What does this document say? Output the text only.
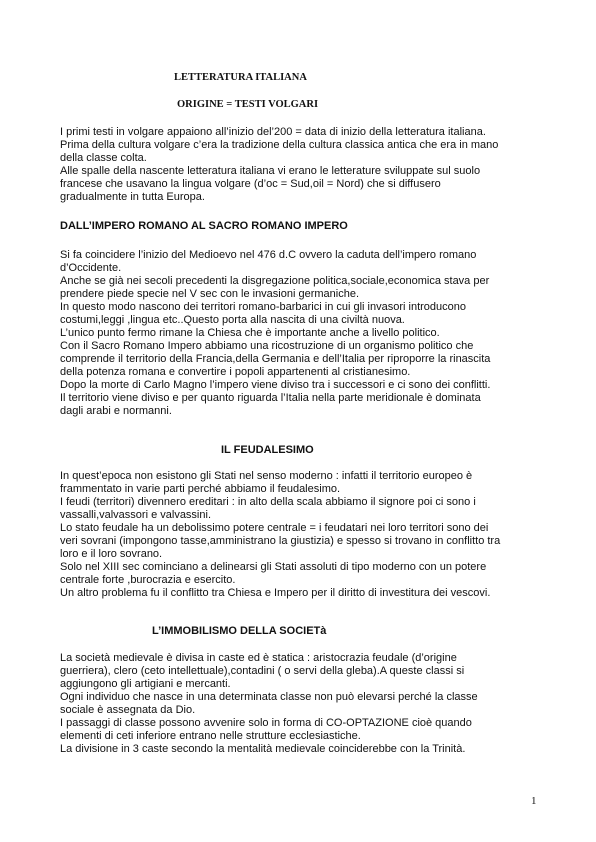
LETTERATURA ITALIANA
ORIGINE = TESTI VOLGARI
I primi testi in volgare appaiono all’inizio del’200 = data di inizio della letteratura italiana.
Prima della cultura volgare c’era la tradizione della cultura classica antica che era in mano
della classe colta.
Alle spalle della nascente letteratura italiana vi erano le letterature sviluppate sul suolo
francese che usavano la lingua volgare (d’oc = Sud,oil = Nord) che si diffusero
gradualmente in tutta Europa.
DALL’IMPERO ROMANO AL SACRO ROMANO IMPERO
Si fa coincidere l’inizio del Medioevo nel 476 d.C ovvero la caduta dell’impero romano
d’Occidente.
Anche se già nei secoli precedenti la disgregazione politica,sociale,economica stava per
prendere piede specie nel V sec con le invasioni germaniche.
In questo modo nascono dei territori romano-barbarici in cui gli invasori introducono
costumi,leggi ,lingua etc..Questo porta alla nascita di una civiltà nuova.
L’unico punto fermo rimane la Chiesa che è importante anche a livello politico.
Con il Sacro Romano Impero abbiamo una ricostruzione di un organismo politico che
comprende il territorio della Francia,della Germania e dell’Italia per riproporre la rinascita
della potenza romana e convertire i popoli appartenenti al cristianesimo.
Dopo la morte di Carlo Magno l’impero viene diviso tra i successori e ci sono dei conflitti.
Il territorio viene diviso e per quanto riguarda l’Italia nella parte meridionale è dominata
dagli arabi e normanni.
IL FEUDALESIMO
In quest’epoca non esistono gli Stati nel senso moderno : infatti il territorio europeo è
frammentato in varie parti perché abbiamo il feudalesimo.
I feudi (territori) divennero ereditari : in alto della scala abbiamo il signore poi ci sono i
vassalli,valvassori e valvassini.
Lo stato feudale ha un debolissimo potere centrale = i feudatari nei loro territori sono dei
veri sovrani (impongono tasse,amministrano la giustizia) e spesso si trovano in conflitto tra
loro e il loro sovrano.
Solo nel XIII sec cominciano a delinearsi gli Stati assoluti di tipo moderno con un potere
centrale forte ,burocrazia e esercito.
Un altro problema fu il conflitto tra Chiesa e Impero per il diritto di investitura dei vescovi.
L’IMMOBILISMO DELLA SOCIETà
La società medievale è divisa in caste ed è statica : aristocrazia feudale (d’origine
guerriera), clero (ceto intellettuale),contadini ( o servi della gleba).A queste classi si
aggiungono gli artigiani e mercanti.
Ogni individuo che nasce in una determinata classe non può elevarsi perché la classe
sociale è assegnata da Dio.
I passaggi di classe possono avvenire solo in forma di CO-OPTAZIONE cioè quando
elementi di ceti inferiore entrano nelle strutture ecclesiastiche.
La divisione in 3 caste secondo la mentalità medievale coinciderebbe con la Trinità.
1
